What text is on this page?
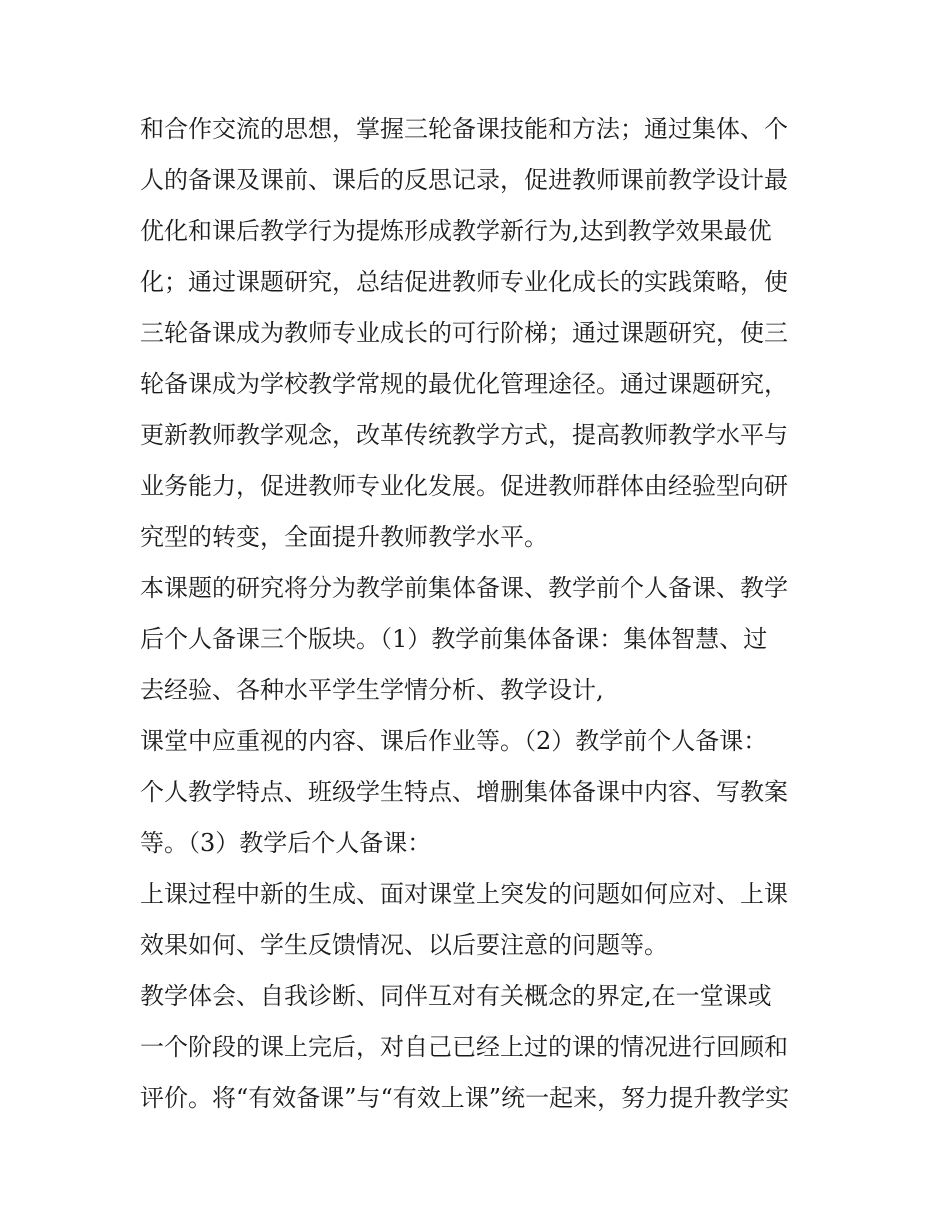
和合作交流的思想，掌握三轮备课技能和方法；通过集体、个
人的备课及课前、课后的反思记录，促进教师课前教学设计最
优化和课后教学行为提炼形成教学新行为,达到教学效果最优
化；通过课题研究，总结促进教师专业化成长的实践策略，使
三轮备课成为教师专业成长的可行阶梯；通过课题研究，使三
轮备课成为学校教学常规的最优化管理途径。通过课题研究，
更新教师教学观念，改革传统教学方式，提高教师教学水平与
业务能力，促进教师专业化发展。促进教师群体由经验型向研
究型的转变，全面提升教师教学水平。
本课题的研究将分为教学前集体备课、教学前个人备课、教学
后个人备课三个版块。（1）教学前集体备课：集体智慧、过
去经验、各种水平学生学情分析、教学设计,
课堂中应重视的内容、课后作业等。（2）教学前个人备课：
个人教学特点、班级学生特点、增删集体备课中内容、写教案
等。（3）教学后个人备课：
上课过程中新的生成、面对课堂上突发的问题如何应对、上课
效果如何、学生反馈情况、以后要注意的问题等。
教学体会、自我诊断、同伴互对有关概念的界定,在一堂课或
一个阶段的课上完后，对自己已经上过的课的情况进行回顾和
评价。将“有效备课”与“有效上课”统一起来，努力提升教学实
